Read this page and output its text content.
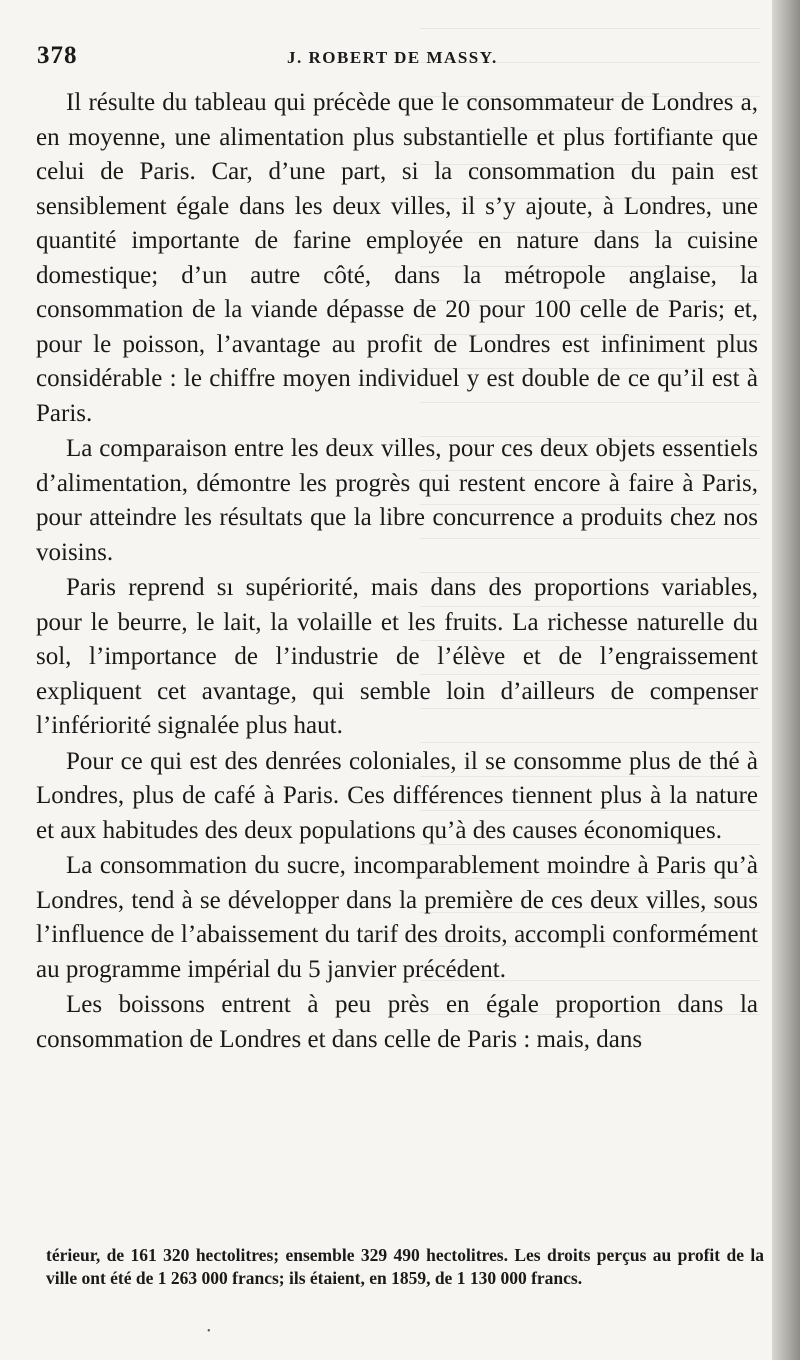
378	J. ROBERT DE MASSY.

Il résulte du tableau qui précède que le consommateur de Londres a, en moyenne, une alimentation plus substantielle et plus fortifiante que celui de Paris. Car, d’une part, si la consommation du pain est sensiblement égale dans les deux villes, il s’y ajoute, à Londres, une quantité importante de farine employée en nature dans la cuisine domestique; d’un autre côté, dans la métropole anglaise, la consommation de la viande dépasse de 20 pour 100 celle de Paris; et, pour le poisson, l’avantage au profit de Londres est infiniment plus considérable : le chiffre moyen individuel y est double de ce qu’il est à Paris.

La comparaison entre les deux villes, pour ces deux objets essentiels d’alimentation, démontre les progrès qui restent encore à faire à Paris, pour atteindre les résultats que la libre concurrence a produits chez nos voisins.

Paris reprend sı supériorité, mais dans des proportions variables, pour le beurre, le lait, la volaille et les fruits. La richesse naturelle du sol, l’importance de l’industrie de l’élève et de l’engraissement expliquent cet avantage, qui semble loin d’ailleurs de compenser l’infériorité signalée plus haut.

Pour ce qui est des denrées coloniales, il se consomme plus de thé à Londres, plus de café à Paris. Ces différences tiennent plus à la nature et aux habitudes des deux populations qu’à des causes économiques.

La consommation du sucre, incomparablement moindre à Paris qu’à Londres, tend à se développer dans la première de ces deux villes, sous l’influence de l’abaissement du tarif des droits, accompli conformément au programme impérial du 5 janvier précédent.

Les boissons entrent à peu près en égale proportion dans la consommation de Londres et dans celle de Paris : mais, dans

térieur, de 161 320 hectolitres; ensemble 329 490 hectolitres. Les droits perçus au profit de la ville ont été de 1 263 000 francs; ils étaient, en 1859, de 1 130 000 francs.

•
